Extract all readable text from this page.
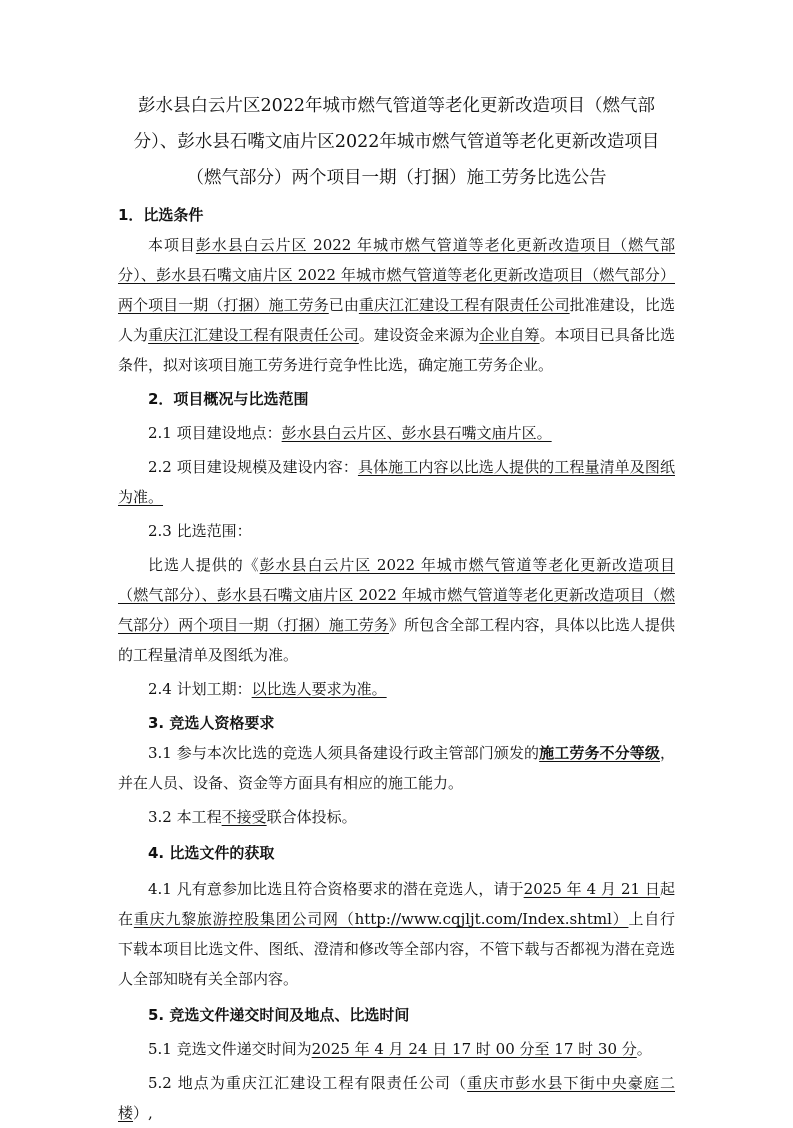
彭水县白云片区2022年城市燃气管道等老化更新改造项目（燃气部分）、彭水县石嘴文庙片区2022年城市燃气管道等老化更新改造项目（燃气部分）两个项目一期（打捆）施工劳务比选公告
1．比选条件

本项目彭水县白云片区 2022 年城市燃气管道等老化更新改造项目（燃气部分）、彭水县石嘴文庙片区 2022 年城市燃气管道等老化更新改造项目（燃气部分）两个项目一期（打捆）施工劳务已由重庆江汇建设工程有限责任公司批准建设，比选人为重庆江汇建设工程有限责任公司。建设资金来源为企业自筹。本项目已具备比选条件，拟对该项目施工劳务进行竞争性比选，确定施工劳务企业。

2．项目概况与比选范围

2.1 项目建设地点：彭水县白云片区、彭水县石嘴文庙片区。

2.2 项目建设规模及建设内容：具体施工内容以比选人提供的工程量清单及图纸为准。

2.3 比选范围：

比选人提供的《彭水县白云片区 2022 年城市燃气管道等老化更新改造项目（燃气部分）、彭水县石嘴文庙片区 2022 年城市燃气管道等老化更新改造项目（燃气部分）两个项目一期（打捆）施工劳务》所包含全部工程内容，具体以比选人提供的工程量清单及图纸为准。

2.4 计划工期：以比选人要求为准。

3. 竞选人资格要求

3.1 参与本次比选的竞选人须具备建设行政主管部门颁发的施工劳务不分等级，并在人员、设备、资金等方面具有相应的施工能力。

3.2 本工程不接受联合体投标。

4. 比选文件的获取

4.1 凡有意参加比选且符合资格要求的潜在竞选人，请于2025 年 4 月 21 日起在重庆九黎旅游控股集团公司网（http://www.cqjljt.com/Index.shtml）上自行下载本项目比选文件、图纸、澄清和修改等全部内容，不管下载与否都视为潜在竞选人全部知晓有关全部内容。

5. 竞选文件递交时间及地点、比选时间

5.1 竞选文件递交时间为2025 年 4 月 24 日 17 时 00 分至 17 时 30 分。

5.2 地点为重庆江汇建设工程有限责任公司（重庆市彭水县下街中央豪庭二楼）,
